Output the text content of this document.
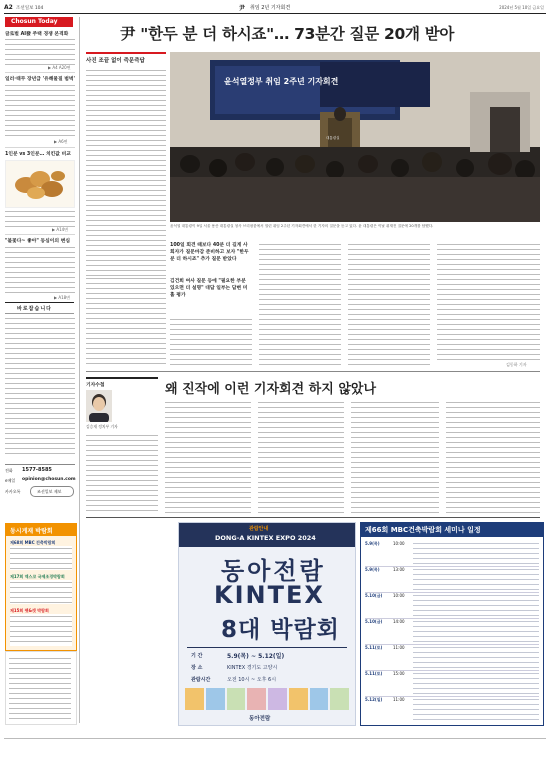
A2 조선일보 104	尹 취임 2년 기자회견	2024년 5월 10일 금요일
Chosun Today
글로벌 AI發 주택 경쟁 본격화
▶ A4 A20면
일러·태무 장년급 '유해물질 범벅'
▶ A6면
1인분 vs 3인분… 치킨값 비교
▶ A14면
"불꽃다~ 좋아" 동심이의 변심
▶ A18면
바로잡습니다
전화 1577-8585
e메일 opinion@chosun.com
카카오톡	조선일보 제보
동시게재 박람회
제68회 MBC 건축박람회
제17회 엑스코 국제조경박람회
제15회 펫&캣 박람회
尹 "한두 분 더 하시죠"… 73분간 질문 20개 받아
사진 조끝 없이 즉문즉답
윤석열정부 취임 2주년 기자회견
대통령실
윤석열 대통령이 9일 서울 용산 대통령실 청사 브리핑룸에서 열린 취임 2주년 기자회견에서 한 기자의 질문을 듣고 있다. 윤 대통령은 이날 취재진 질문에 20개를 답했다.
100일 회견 때보다 40분 더 길게 사회자가 질문마감 준비하고 보자 "한두 분 더 하시죠" 추가 질문 받았다
김건희 여사 질문 등에 "필요한 부분 있으면 더 설명" 대답 일부는 답변 미흡 평가
김동하 기자
기자수첩
김승재 정치부 기자
왜 진작에 이런 기자회견 하지 않았나
관람안내
DONG-A KINTEX EXPO 2024
동아전람
KINTEX
8대 박람회
기 간	5.9(목) ~ 5.12(일)
장 소	KINTEX 경기도 고양시
관람시간	오전 10시 ~ 오후 6시
동아전람
제66회 MBC건축박람회 세미나 일정
5.9(목)	10:00
5.9(목)	13:00
5.10(금)	10:00
5.10(금)	14:00
5.11(토)	11:00
5.11(토)	15:00
5.12(일)	11:00
